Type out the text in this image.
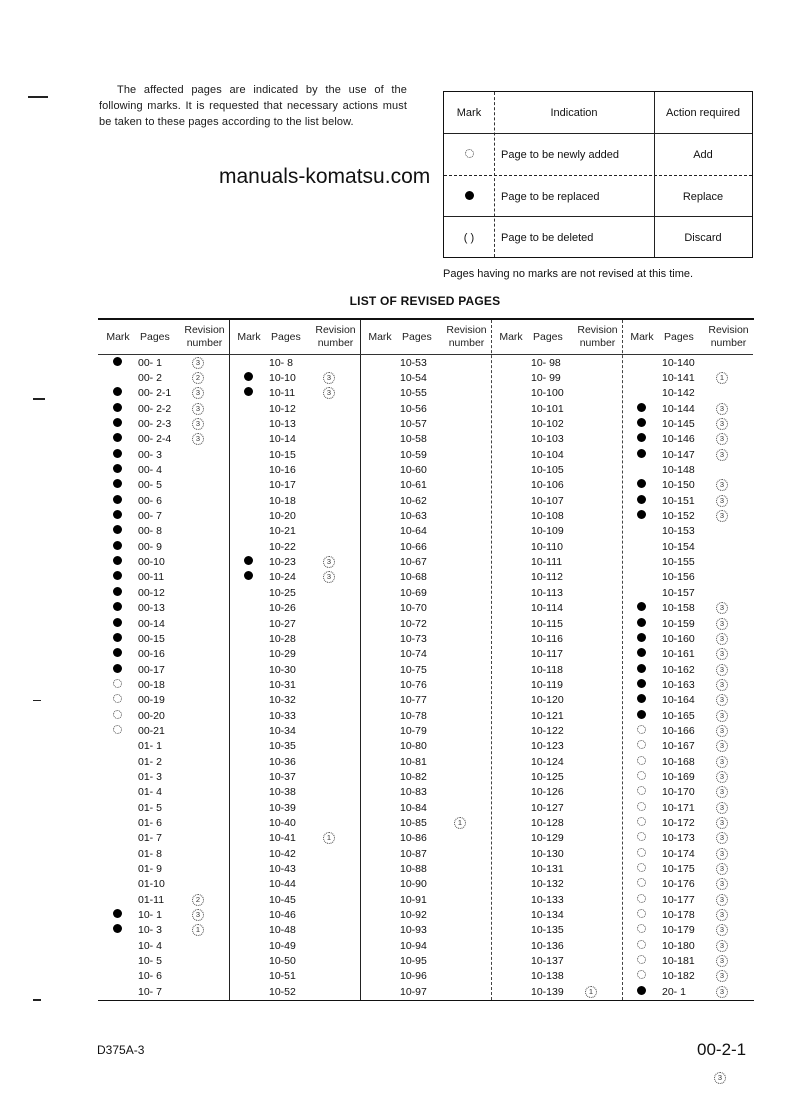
The affected pages are indicated by the use of the following marks. It is requested that necessary actions must be taken to these pages according to the list below.
manuals-komatsu.com
Mark	Indication	Action required
Page to be newly added	Add
Page to be replaced	Replace
( )	Page to be deleted	Discard
Pages having no marks are not revised at this time.
LIST OF REVISED PAGES
Mark Pages
Revision
number
00- 1	3
00- 2	2
00- 2-1	3
00- 2-2	3
00- 2-3	3
00- 2-4	3
00- 3
00- 4
00- 5
00- 6
00- 7
00- 8
00- 9
00-10
00-11
00-12
00-13
00-14
00-15
00-16
00-17
00-18
00-19
00-20
00-21
01- 1
01- 2
01- 3
01- 4
01- 5
01- 6
01- 7
01- 8
01- 9
01-10
01-11	2
10- 1	3
10- 3	1
10- 4
10- 5
10- 6
10- 7
Mark Pages
Revision
number
10- 8
10-10	3
10-11	3
10-12
10-13
10-14
10-15
10-16
10-17
10-18
10-20
10-21
10-22
10-23	3
10-24	3
10-25
10-26
10-27
10-28
10-29
10-30
10-31
10-32
10-33
10-34
10-35
10-36
10-37
10-38
10-39
10-40
10-41	1
10-42
10-43
10-44
10-45
10-46
10-48
10-49
10-50
10-51
10-52
Mark Pages
Revision
number
10-53
10-54
10-55
10-56
10-57
10-58
10-59
10-60
10-61
10-62
10-63
10-64
10-66
10-67
10-68
10-69
10-70
10-72
10-73
10-74
10-75
10-76
10-77
10-78
10-79
10-80
10-81
10-82
10-83
10-84
10-85	1
10-86
10-87
10-88
10-90
10-91
10-92
10-93
10-94
10-95
10-96
10-97
Mark Pages
Revision
number
10- 98
10- 99
10-100
10-101
10-102
10-103
10-104
10-105
10-106
10-107
10-108
10-109
10-110
10-111
10-112
10-113
10-114
10-115
10-116
10-117
10-118
10-119
10-120
10-121
10-122
10-123
10-124
10-125
10-126
10-127
10-128
10-129
10-130
10-131
10-132
10-133
10-134
10-135
10-136
10-137
10-138
10-139	1
Mark Pages
Revision
number
10-140
10-141	1
10-142
10-144	3
10-145	3
10-146	3
10-147	3
10-148
10-150	3
10-151	3
10-152	3
10-153
10-154
10-155
10-156
10-157
10-158	3
10-159	3
10-160	3
10-161	3
10-162	3
10-163	3
10-164	3
10-165	3
10-166	3
10-167	3
10-168	3
10-169	3
10-170	3
10-171	3
10-172	3
10-173	3
10-174	3
10-175	3
10-176	3
10-177	3
10-178	3
10-179	3
10-180	3
10-181	3
10-182	3
20- 1	3
D375A-3	00-2-1
3
